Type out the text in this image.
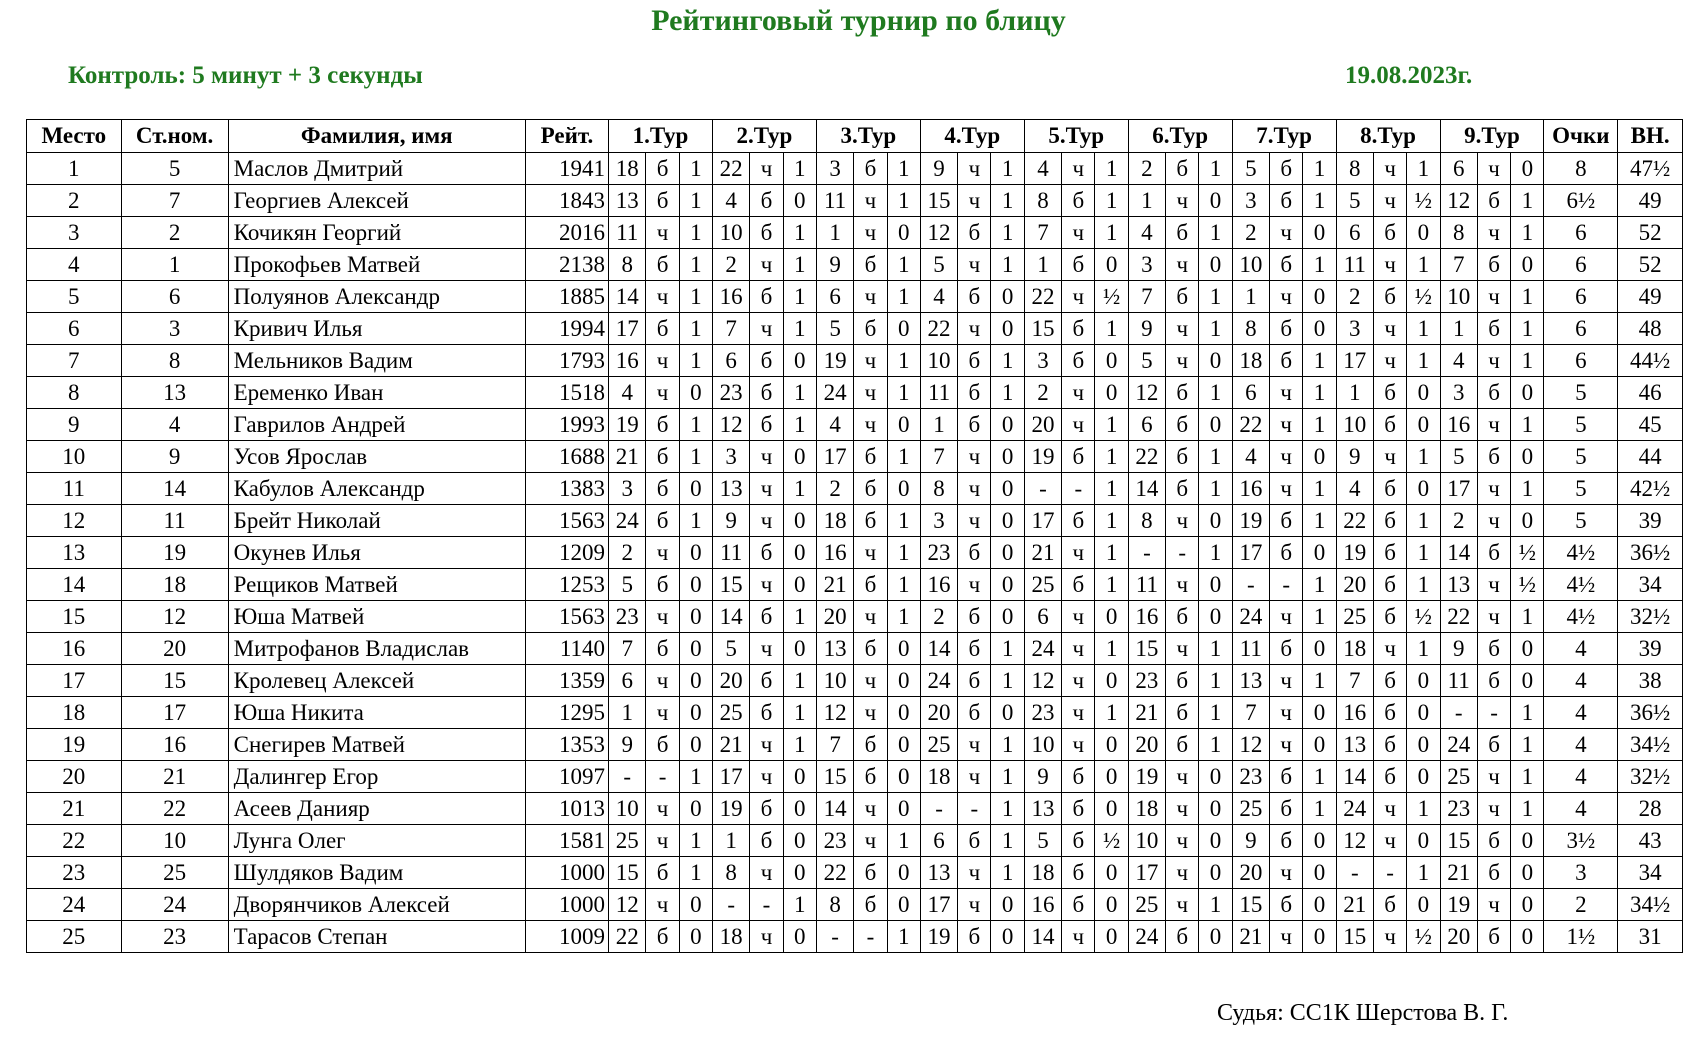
Рейтинговый турнир по блицу
Контроль: 5 минут + 3 секунды	19.08.2023г.
Место	Ст.ном.	Фамилия, имя	Рейт.	1.Тур			2.Тур			3.Тур			4.Тур			5.Тур			6.Тур			7.Тур			8.Тур			9.Тур			Очки	ВН.
1	5	Маслов Дмитрий	1941	18	б	1	22	ч	1	3	б	1	9	ч	1	4	ч	1	2	б	1	5	б	1	8	ч	1	6	ч	0	8	47½
2	7	Георгиев Алексей	1843	13	б	1	4	б	0	11	ч	1	15	ч	1	8	б	1	1	ч	0	3	б	1	5	ч	½	12	б	1	6½	49
3	2	Кочикян Георгий	2016	11	ч	1	10	б	1	1	ч	0	12	б	1	7	ч	1	4	б	1	2	ч	0	6	б	0	8	ч	1	6	52
4	1	Прокофьев Матвей	2138	8	б	1	2	ч	1	9	б	1	5	ч	1	1	б	0	3	ч	0	10	б	1	11	ч	1	7	б	0	6	52
5	6	Полуянов Александр	1885	14	ч	1	16	б	1	6	ч	1	4	б	0	22	ч	½	7	б	1	1	ч	0	2	б	½	10	ч	1	6	49
6	3	Кривич Илья	1994	17	б	1	7	ч	1	5	б	0	22	ч	0	15	б	1	9	ч	1	8	б	0	3	ч	1	1	б	1	6	48
7	8	Мельников Вадим	1793	16	ч	1	6	б	0	19	ч	1	10	б	1	3	б	0	5	ч	0	18	б	1	17	ч	1	4	ч	1	6	44½
8	13	Еременко Иван	1518	4	ч	0	23	б	1	24	ч	1	11	б	1	2	ч	0	12	б	1	6	ч	1	1	б	0	3	б	0	5	46
9	4	Гаврилов Андрей	1993	19	б	1	12	б	1	4	ч	0	1	б	0	20	ч	1	6	б	0	22	ч	1	10	б	0	16	ч	1	5	45
10	9	Усов Ярослав	1688	21	б	1	3	ч	0	17	б	1	7	ч	0	19	б	1	22	б	1	4	ч	0	9	ч	1	5	б	0	5	44
11	14	Кабулов Александр	1383	3	б	0	13	ч	1	2	б	0	8	ч	0	-	-	1	14	б	1	16	ч	1	4	б	0	17	ч	1	5	42½
12	11	Брейт Николай	1563	24	б	1	9	ч	0	18	б	1	3	ч	0	17	б	1	8	ч	0	19	б	1	22	б	1	2	ч	0	5	39
13	19	Окунев Илья	1209	2	ч	0	11	б	0	16	ч	1	23	б	0	21	ч	1	-	-	1	17	б	0	19	б	1	14	б	½	4½	36½
14	18	Рещиков Матвей	1253	5	б	0	15	ч	0	21	б	1	16	ч	0	25	б	1	11	ч	0	-	-	1	20	б	1	13	ч	½	4½	34
15	12	Юша Матвей	1563	23	ч	0	14	б	1	20	ч	1	2	б	0	6	ч	0	16	б	0	24	ч	1	25	б	½	22	ч	1	4½	32½
16	20	Митрофанов Владислав	1140	7	б	0	5	ч	0	13	б	0	14	б	1	24	ч	1	15	ч	1	11	б	0	18	ч	1	9	б	0	4	39
17	15	Кролевец Алексей	1359	6	ч	0	20	б	1	10	ч	0	24	б	1	12	ч	0	23	б	1	13	ч	1	7	б	0	11	б	0	4	38
18	17	Юша Никита	1295	1	ч	0	25	б	1	12	ч	0	20	б	0	23	ч	1	21	б	1	7	ч	0	16	б	0	-	-	1	4	36½
19	16	Снегирев Матвей	1353	9	б	0	21	ч	1	7	б	0	25	ч	1	10	ч	0	20	б	1	12	ч	0	13	б	0	24	б	1	4	34½
20	21	Далингер Егор	1097	-	-	1	17	ч	0	15	б	0	18	ч	1	9	б	0	19	ч	0	23	б	1	14	б	0	25	ч	1	4	32½
21	22	Асеев Данияр	1013	10	ч	0	19	б	0	14	ч	0	-	-	1	13	б	0	18	ч	0	25	б	1	24	ч	1	23	ч	1	4	28
22	10	Лунга Олег	1581	25	ч	1	1	б	0	23	ч	1	6	б	1	5	б	½	10	ч	0	9	б	0	12	ч	0	15	б	0	3½	43
23	25	Шулдяков Вадим	1000	15	б	1	8	ч	0	22	б	0	13	ч	1	18	б	0	17	ч	0	20	ч	0	-	-	1	21	б	0	3	34
24	24	Дворянчиков Алексей	1000	12	ч	0	-	-	1	8	б	0	17	ч	0	16	б	0	25	ч	1	15	б	0	21	б	0	19	ч	0	2	34½
25	23	Тарасов Степан	1009	22	б	0	18	ч	0	-	-	1	19	б	0	14	ч	0	24	б	0	21	ч	0	15	ч	½	20	б	0	1½	31
Судья: СС1К Шерстова В. Г.
